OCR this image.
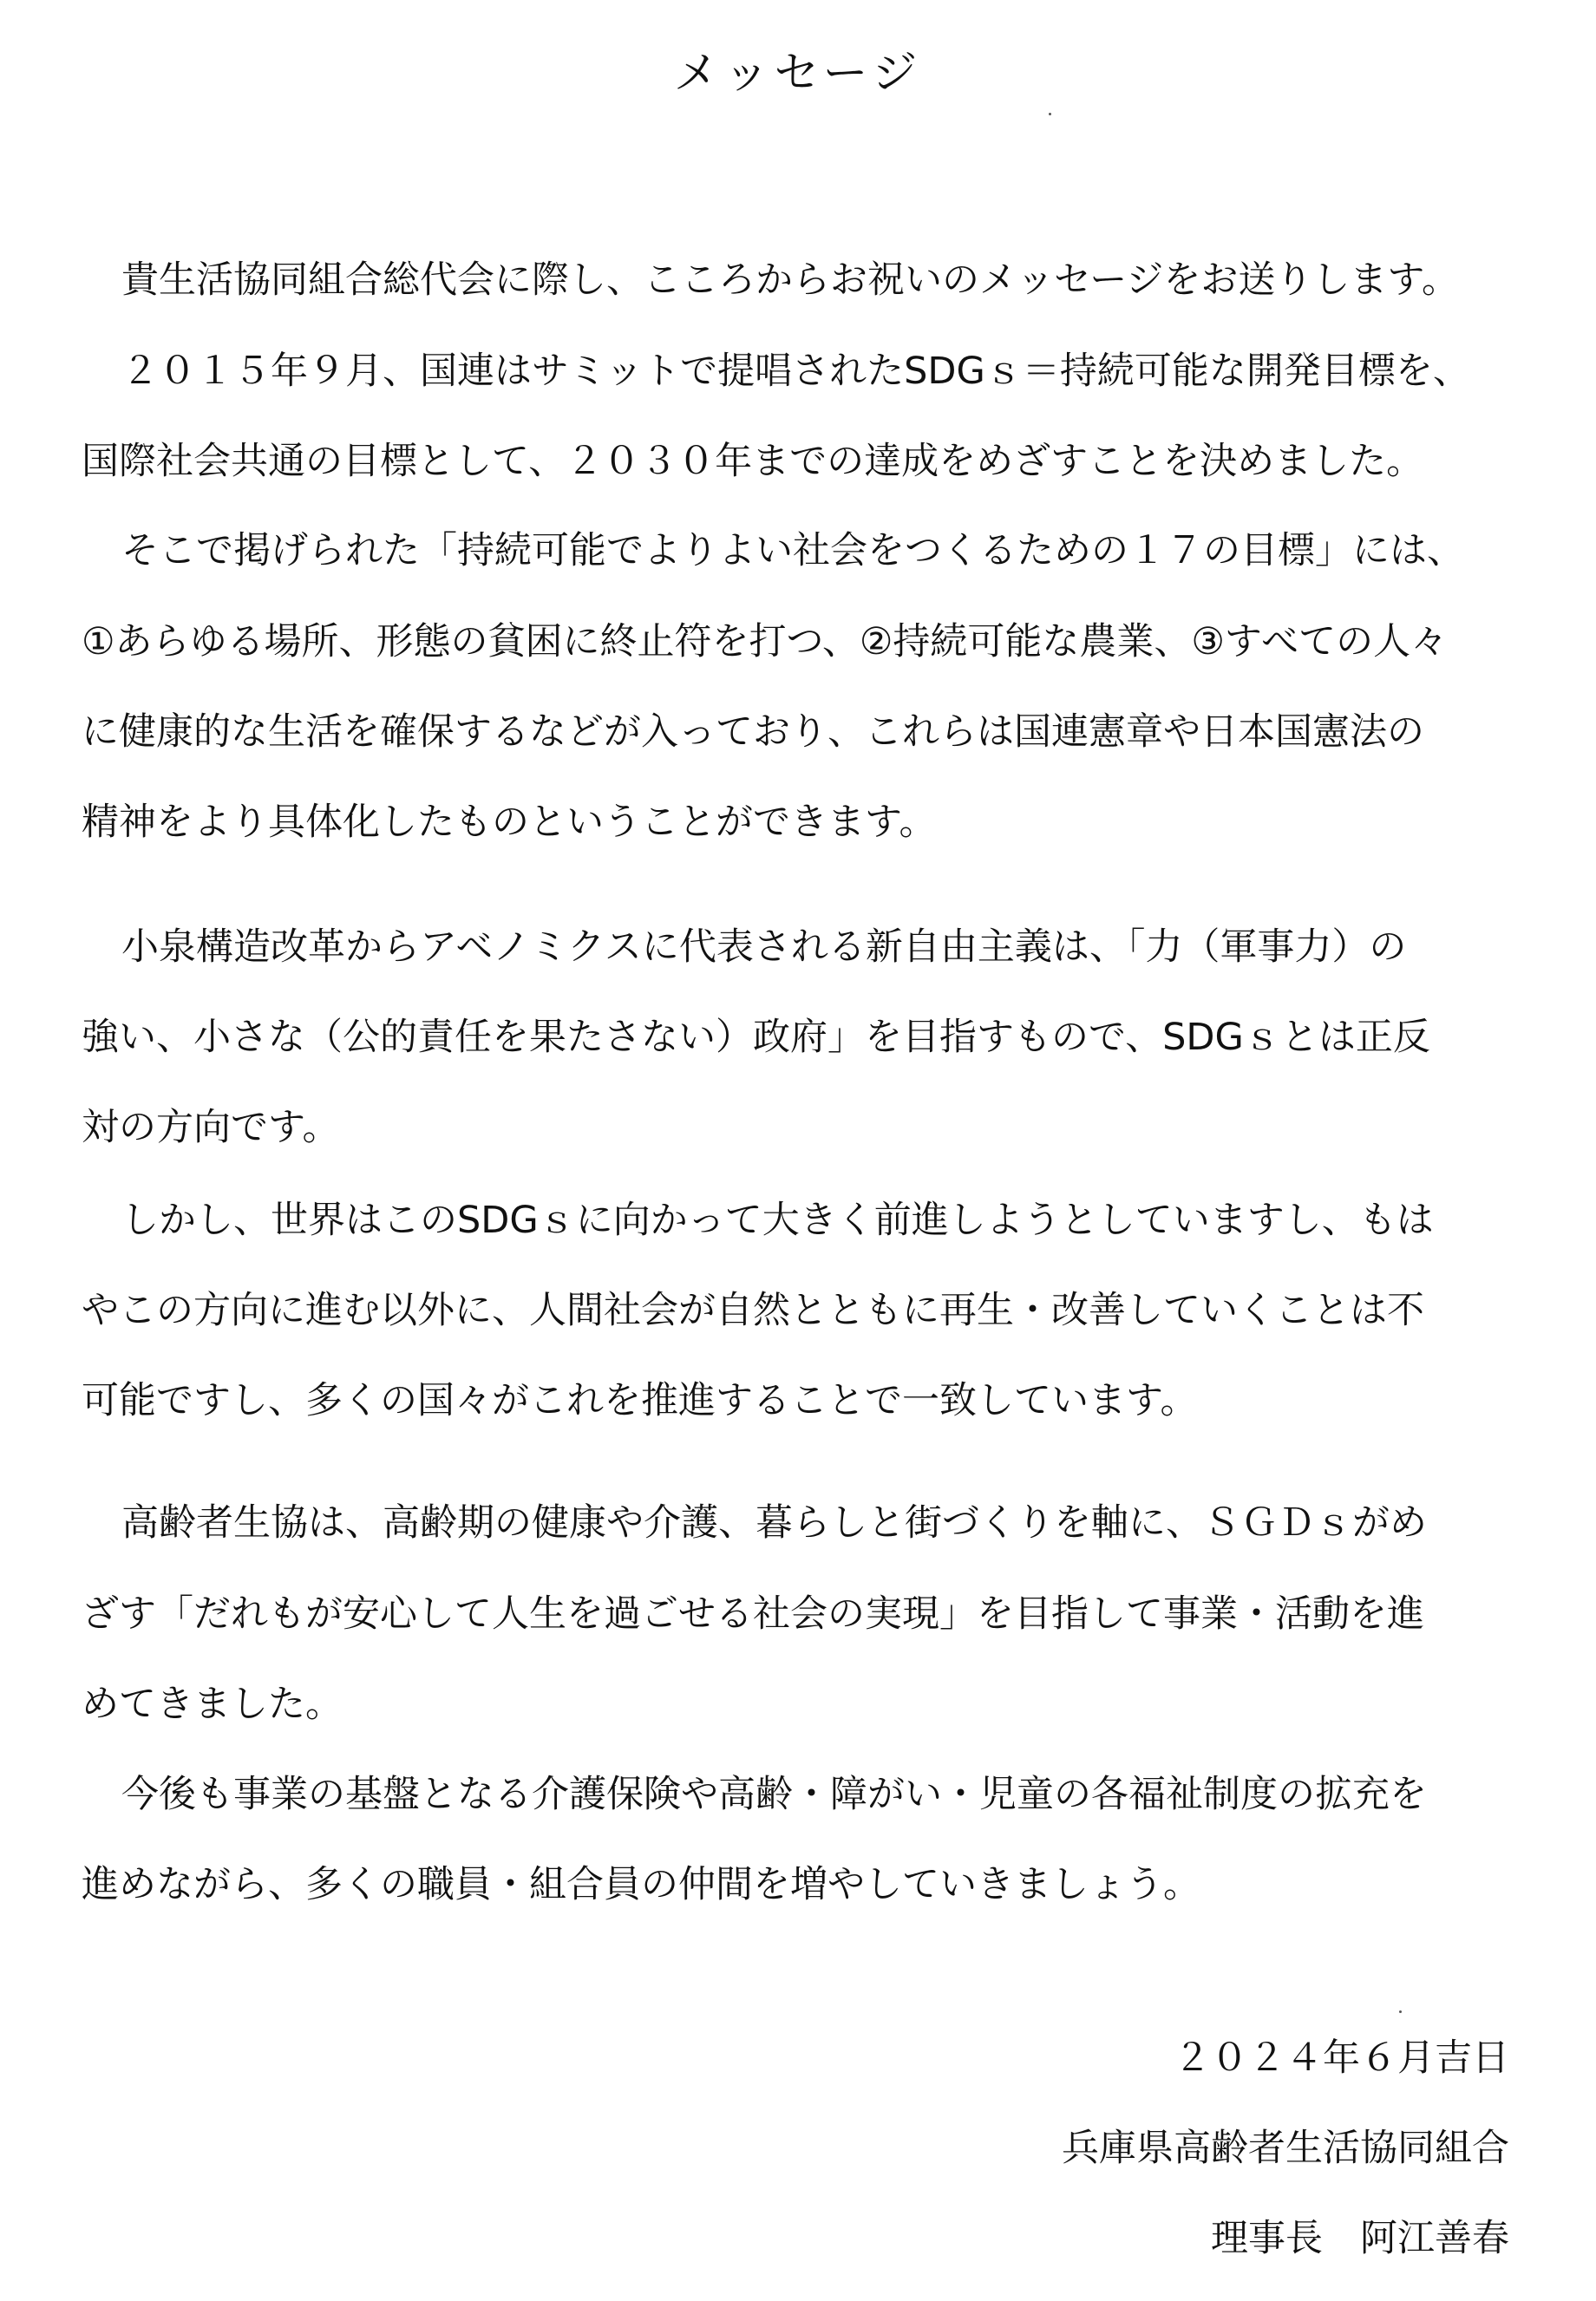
メッセージ
貴生活協同組合総代会に際し、こころからお祝いのメッセージをお送りします。
２０１５年９月、国連はサミットで提唱されたSDGｓ＝持続可能な開発目標を、
国際社会共通の目標として、２０３０年までの達成をめざすことを決めました。
そこで掲げられた「持続可能でよりよい社会をつくるための１７の目標」には、
①あらゆる場所、形態の貧困に終止符を打つ、②持続可能な農業、③すべての人々
に健康的な生活を確保するなどが入っており、これらは国連憲章や日本国憲法の
精神をより具体化したものということができます。
小泉構造改革からアベノミクスに代表される新自由主義は、「力（軍事力）の
強い、小さな（公的責任を果たさない）政府」を目指すもので、SDGｓとは正反
対の方向です。
しかし、世界はこのSDGｓに向かって大きく前進しようとしていますし、もは
やこの方向に進む以外に、人間社会が自然とともに再生・改善していくことは不
可能ですし、多くの国々がこれを推進することで一致しています。
高齢者生協は、高齢期の健康や介護、暮らしと街づくりを軸に、ＳＧＤｓがめ
ざす「だれもが安心して人生を過ごせる社会の実現」を目指して事業・活動を進
めてきました。
今後も事業の基盤となる介護保険や高齢・障がい・児童の各福祉制度の拡充を
進めながら、多くの職員・組合員の仲間を増やしていきましょう。
２０２４年６月吉日
兵庫県高齢者生活協同組合
理事長　阿江善春
